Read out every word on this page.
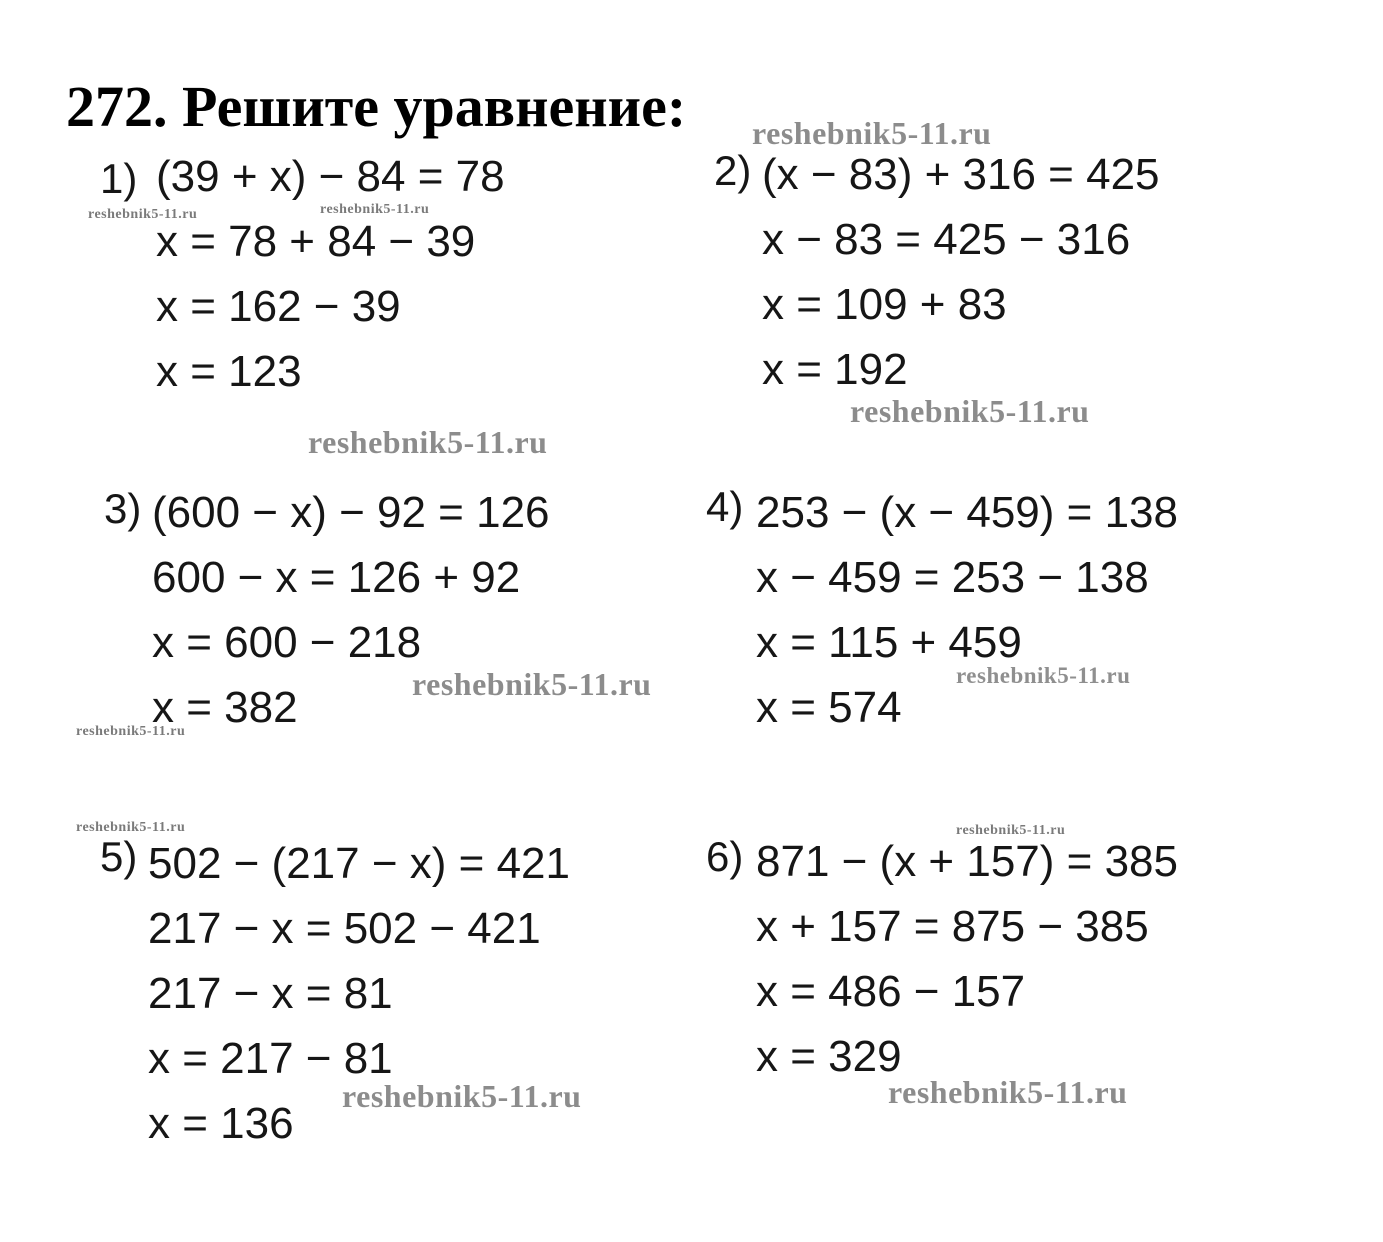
272. Решите уравнение:
1) (39 + x) − 84 = 78
x = 78 + 84 − 39
x = 162 − 39
x = 123
2) (x − 83) + 316 = 425
x − 83 = 425 − 316
x = 109 + 83
x = 192
3) (600 − x) − 92 = 126
600 − x = 126 + 92
x = 600 − 218
x = 382
4) 253 − (x − 459) = 138
x − 459 = 253 − 138
x = 115 + 459
x = 574
5) 502 − (217 − x) = 421
217 − x = 502 − 421
217 − x = 81
x = 217 − 81
x = 136
6) 871 − (x + 157) = 385
x + 157 = 875 − 385
x = 486 − 157
x = 329
reshebnik5-11.ru
reshebnik5-11.ru	reshebnik5-11.ru
reshebnik5-11.ru
reshebnik5-11.ru
reshebnik5-11.ru	reshebnik5-11.ru
reshebnik5-11.ru
reshebnik5-11.ru	reshebnik5-11.ru
reshebnik5-11.ru	reshebnik5-11.ru
